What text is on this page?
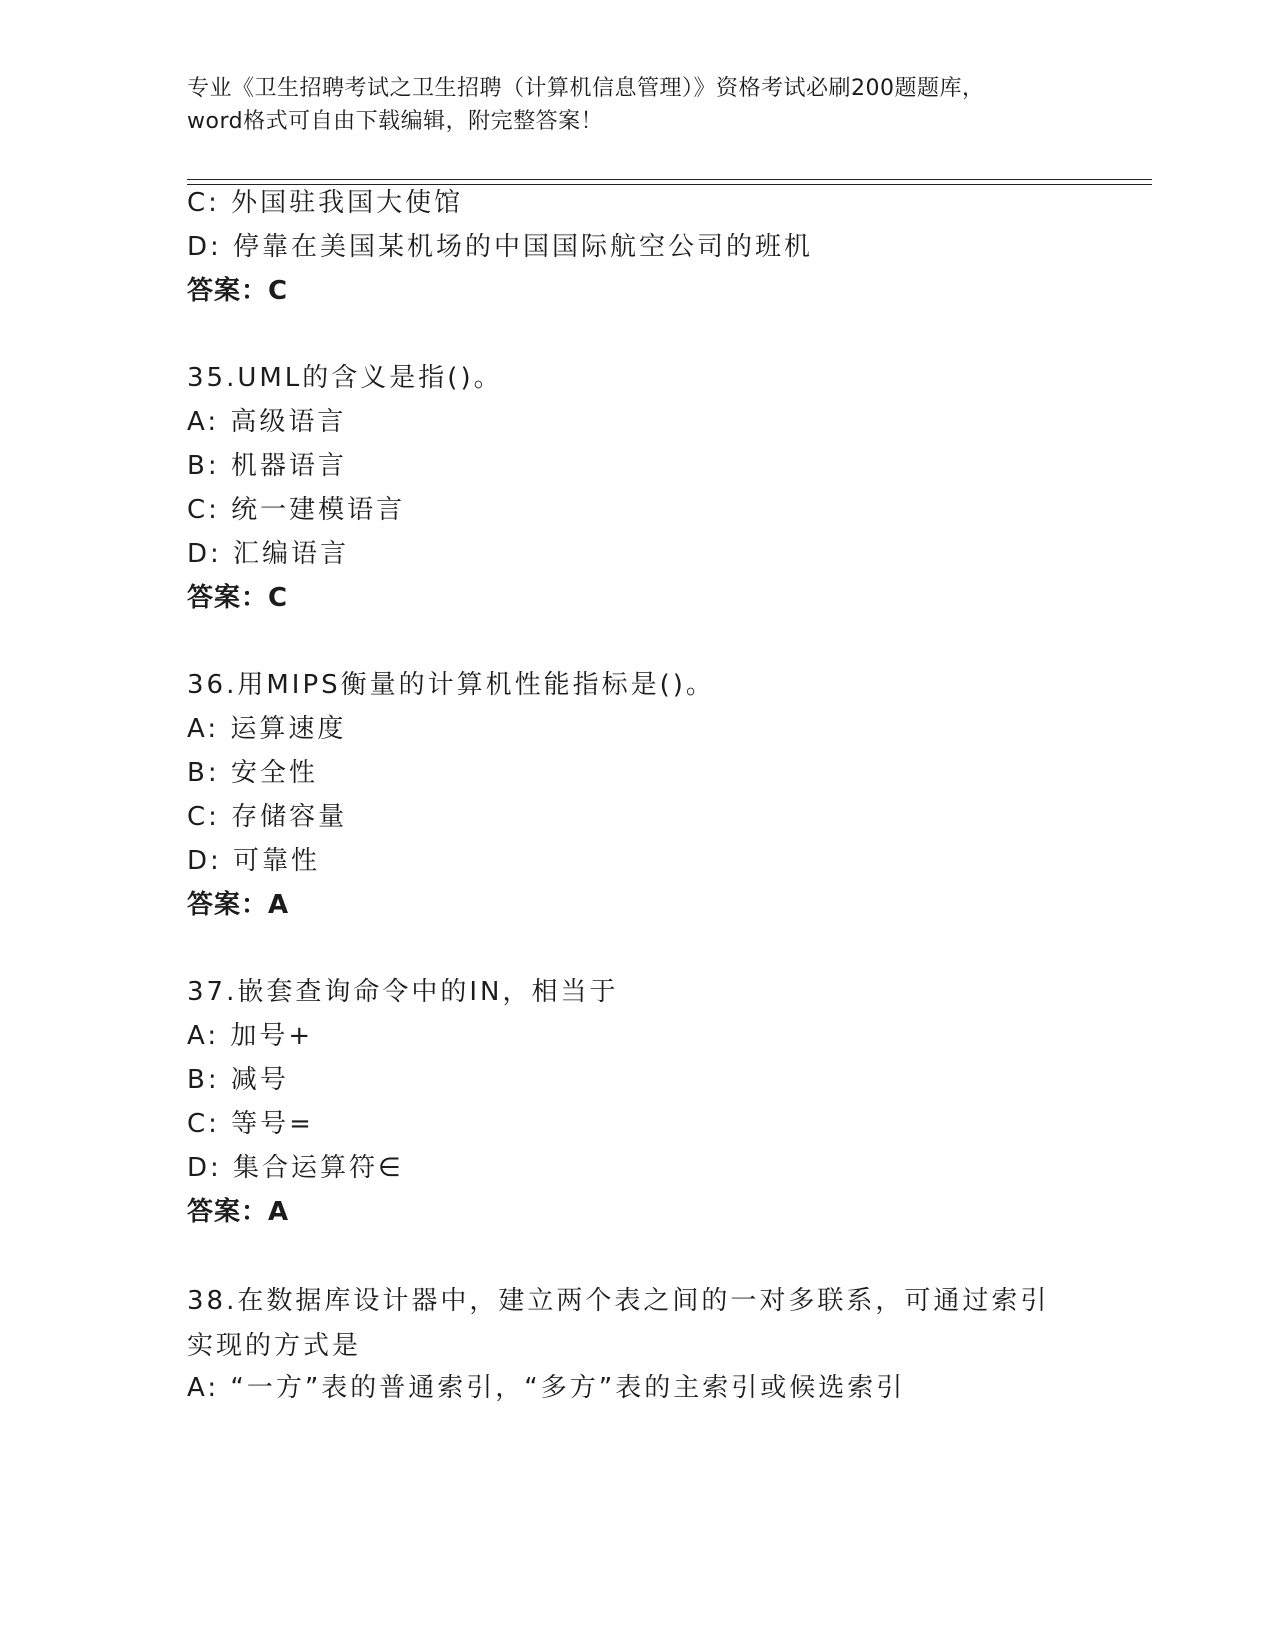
专业《卫生招聘考试之卫生招聘（计算机信息管理）》资格考试必刷200题题库，
word格式可自由下载编辑，附完整答案！
C: 外国驻我国大使馆
D: 停靠在美国某机场的中国国际航空公司的班机
答案：C
35.UML的含义是指()。
A: 高级语言
B: 机器语言
C: 统一建模语言
D: 汇编语言
答案：C
36.用MIPS衡量的计算机性能指标是()。
A: 运算速度
B: 安全性
C: 存储容量
D: 可靠性
答案：A
37.嵌套查询命令中的IN，相当于
A: 加号+
B: 减号
C: 等号=
D: 集合运算符∈
答案：A
38.在数据库设计器中，建立两个表之间的一对多联系，可通过索引实现的方式是
A: “一方”表的普通索引，“多方”表的主索引或候选索引
